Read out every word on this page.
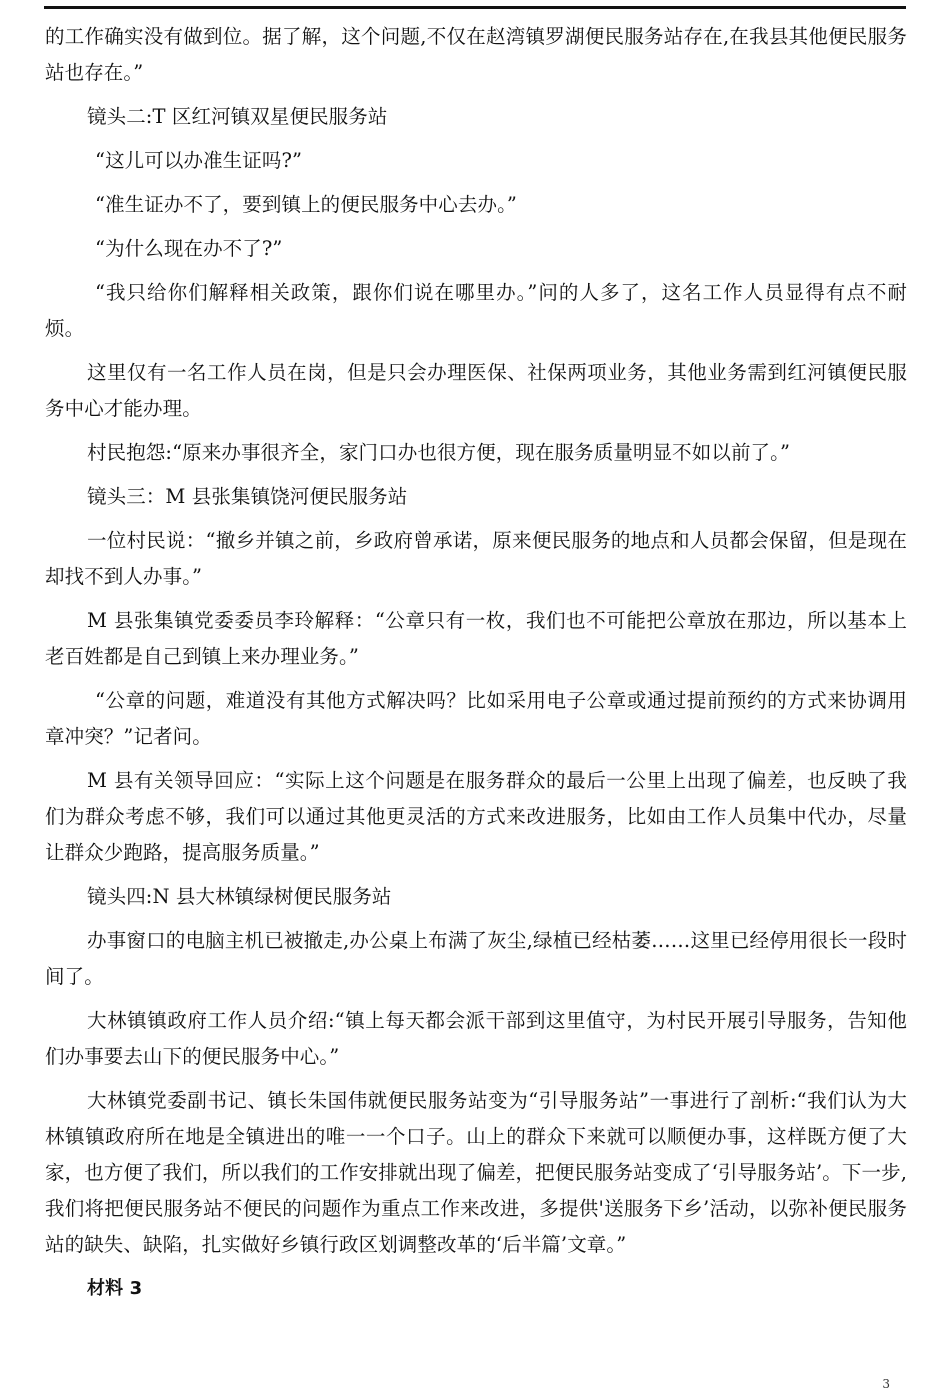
的工作确实没有做到位。据了解，这个问题,不仅在赵湾镇罗湖便民服务站存在,在我县其他便民服务站也存在。”

镜头二:T 区红河镇双星便民服务站

“这儿可以办准生证吗?”

“准生证办不了，要到镇上的便民服务中心去办。”

“为什么现在办不了?”

“我只给你们解释相关政策，跟你们说在哪里办。”问的人多了，这名工作人员显得有点不耐烦。

这里仅有一名工作人员在岗，但是只会办理医保、社保两项业务，其他业务需到红河镇便民服务中心才能办理。

村民抱怨:“原来办事很齐全，家门口办也很方便，现在服务质量明显不如以前了。”

镜头三：M 县张集镇饶河便民服务站

一位村民说：“撤乡并镇之前，乡政府曾承诺，原来便民服务的地点和人员都会保留，但是现在却找不到人办事。”

M 县张集镇党委委员李玲解释：“公章只有一枚，我们也不可能把公章放在那边，所以基本上老百姓都是自己到镇上来办理业务。”

“公章的问题，难道没有其他方式解决吗？比如采用电子公章或通过提前预约的方式来协调用章冲突？”记者问。

M 县有关领导回应：“实际上这个问题是在服务群众的最后一公里上出现了偏差，也反映了我们为群众考虑不够，我们可以通过其他更灵活的方式来改进服务，比如由工作人员集中代办，尽量让群众少跑路，提高服务质量。”

镜头四:N 县大林镇绿树便民服务站

办事窗口的电脑主机已被撤走,办公桌上布满了灰尘,绿植已经枯萎……这里已经停用很长一段时间了。

大林镇镇政府工作人员介绍:“镇上每天都会派干部到这里值守，为村民开展引导服务，告知他们办事要去山下的便民服务中心。”

大林镇党委副书记、镇长朱国伟就便民服务站变为“引导服务站”一事进行了剖析:“我们认为大林镇镇政府所在地是全镇进出的唯一一个口子。山上的群众下来就可以顺便办事，这样既方便了大家，也方便了我们，所以我们的工作安排就出现了偏差，把便民服务站变成了‘引导服务站’。下一步,我们将把便民服务站不便民的问题作为重点工作来改进，多提供'送服务下乡’活动，以弥补便民服务站的缺失、缺陷，扎实做好乡镇行政区划调整改革的‘后半篇’文章。”

材料 3

3
